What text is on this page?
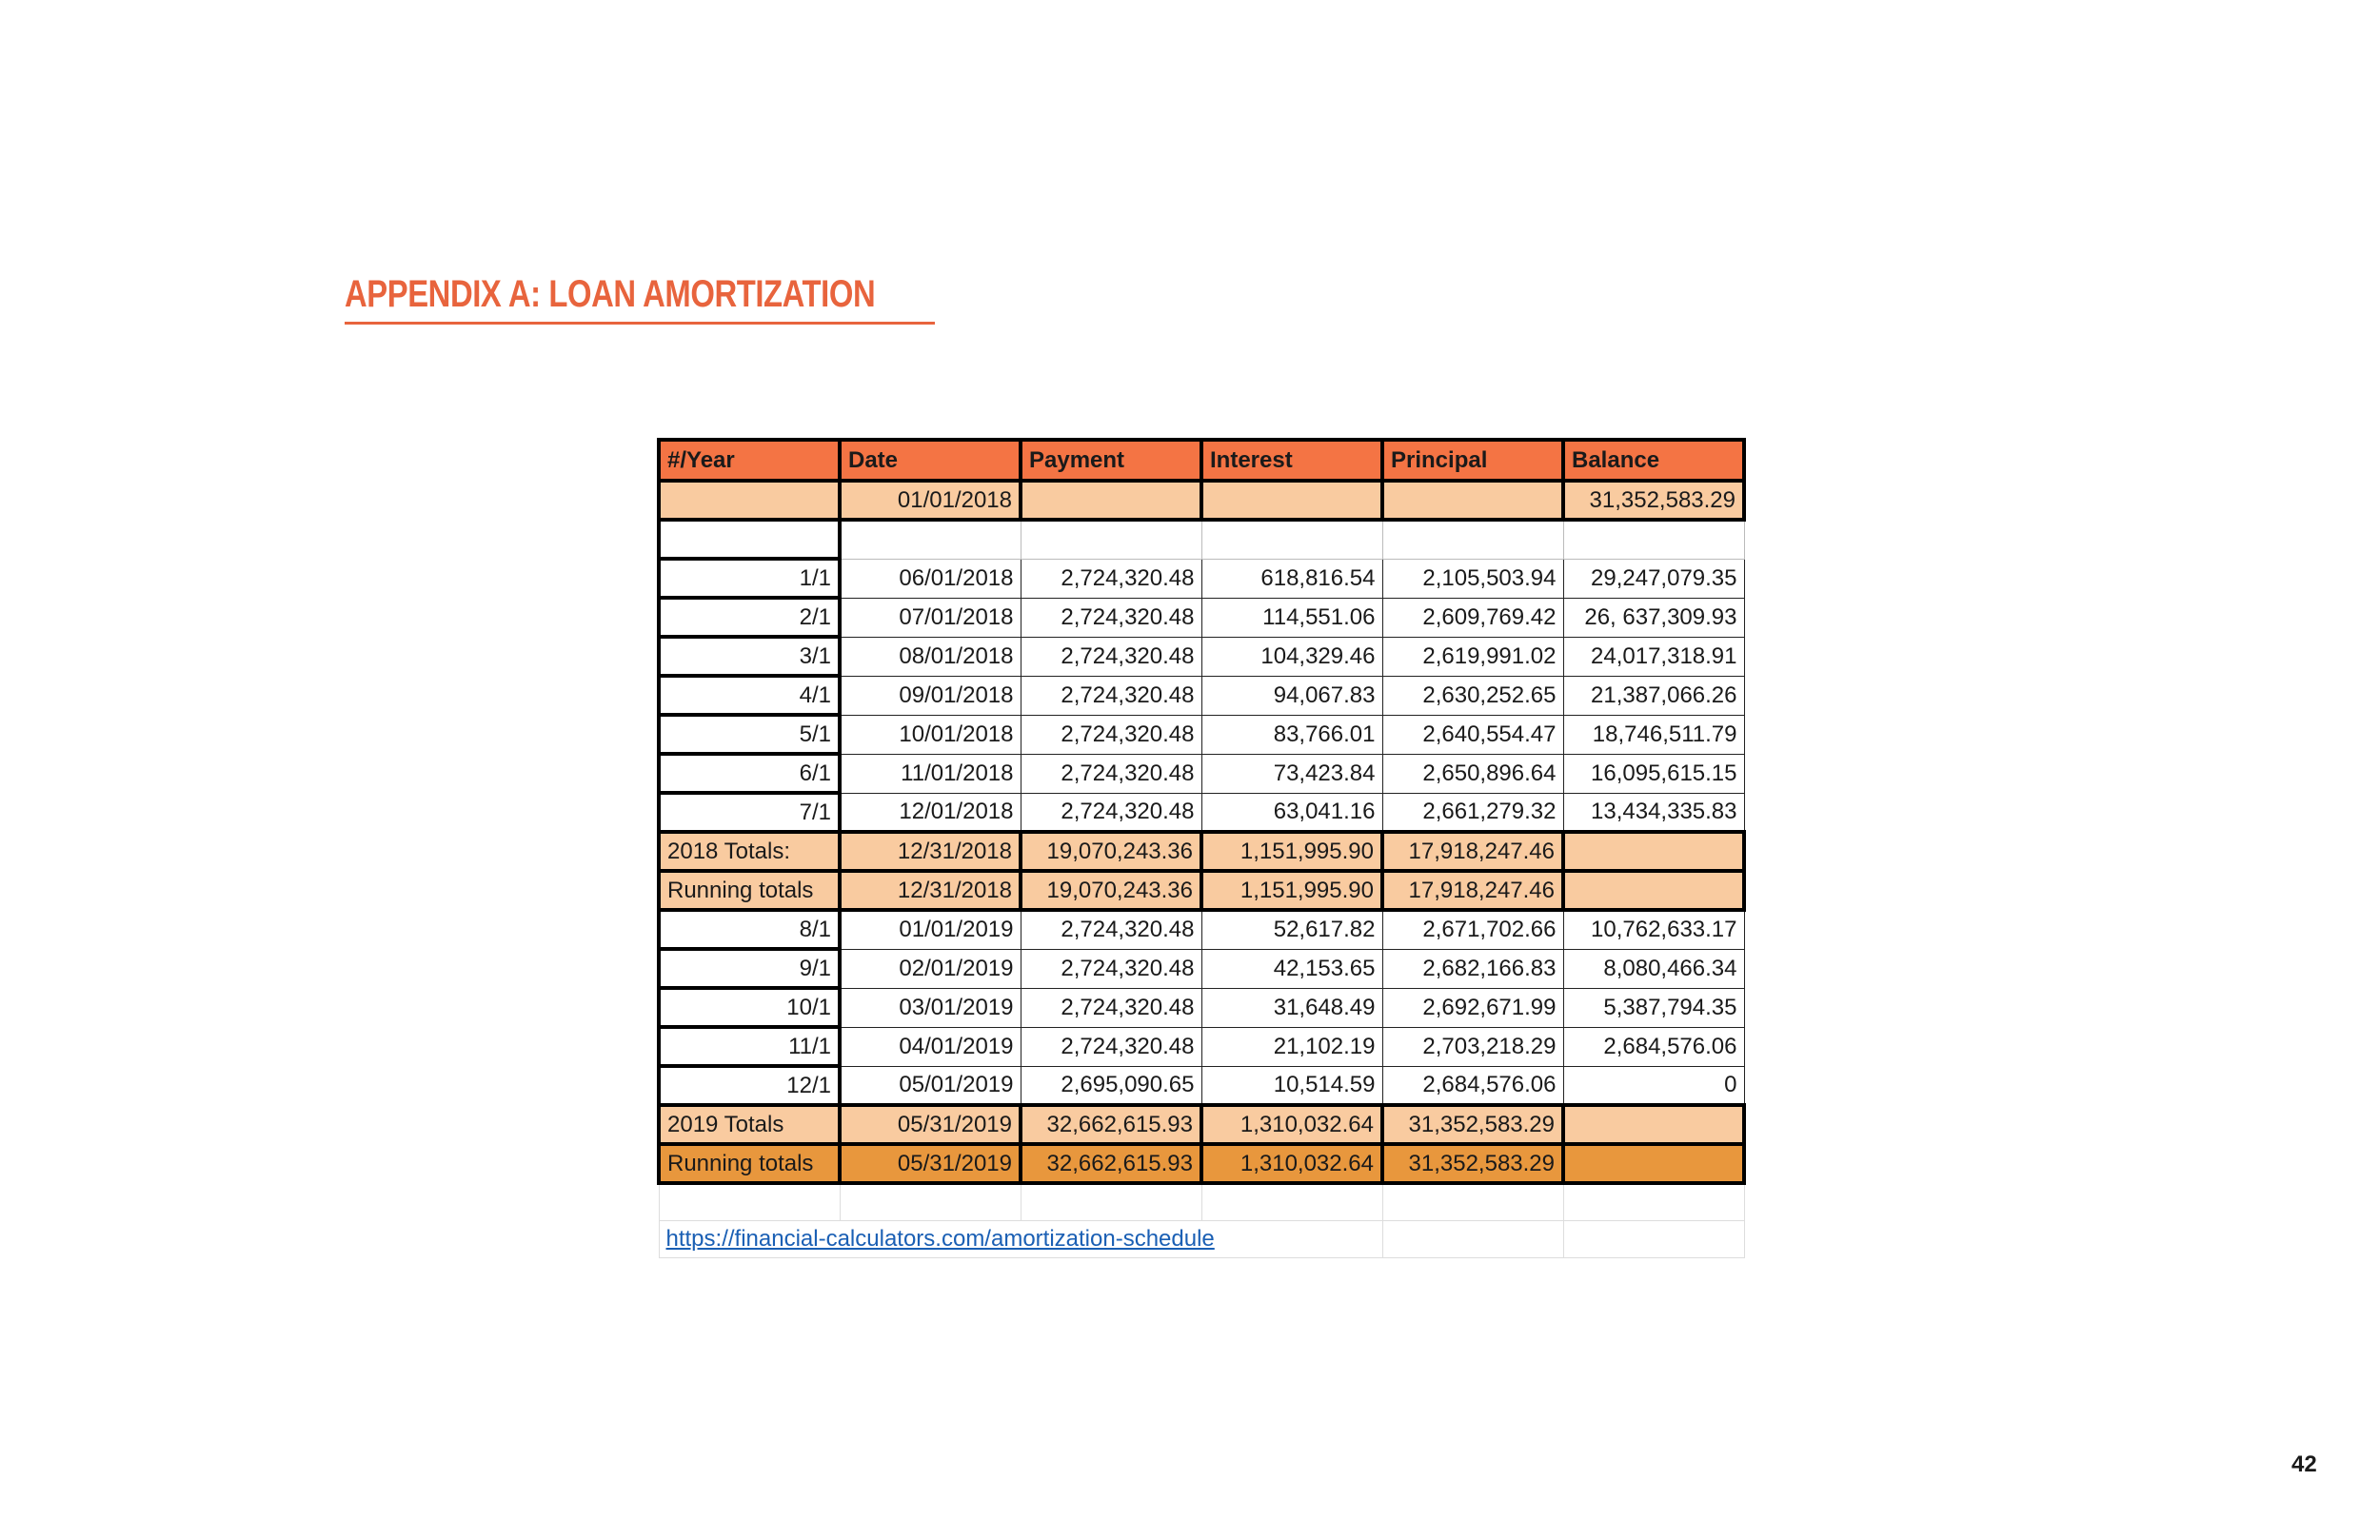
APPENDIX A: LOAN AMORTIZATION
#/Year	Date	Payment	Interest	Principal	Balance
	01/01/2018				31,352,583.29

1/1	06/01/2018	2,724,320.48	618,816.54	2,105,503.94	29,247,079.35
2/1	07/01/2018	2,724,320.48	114,551.06	2,609,769.42	26, 637,309.93
3/1	08/01/2018	2,724,320.48	104,329.46	2,619,991.02	24,017,318.91
4/1	09/01/2018	2,724,320.48	94,067.83	2,630,252.65	21,387,066.26
5/1	10/01/2018	2,724,320.48	83,766.01	2,640,554.47	18,746,511.79
6/1	11/01/2018	2,724,320.48	73,423.84	2,650,896.64	16,095,615.15
7/1	12/01/2018	2,724,320.48	63,041.16	2,661,279.32	13,434,335.83
2018 Totals:	12/31/2018	19,070,243.36	1,151,995.90	17,918,247.46	
Running totals	12/31/2018	19,070,243.36	1,151,995.90	17,918,247.46	
8/1	01/01/2019	2,724,320.48	52,617.82	2,671,702.66	10,762,633.17
9/1	02/01/2019	2,724,320.48	42,153.65	2,682,166.83	8,080,466.34
10/1	03/01/2019	2,724,320.48	31,648.49	2,692,671.99	5,387,794.35
11/1	04/01/2019	2,724,320.48	21,102.19	2,703,218.29	2,684,576.06
12/1	05/01/2019	2,695,090.65	10,514.59	2,684,576.06	0
2019 Totals	05/31/2019	32,662,615.93	1,310,032.64	31,352,583.29	
Running totals	05/31/2019	32,662,615.93	1,310,032.64	31,352,583.29	

https://financial-calculators.com/amortization-schedule					
42
